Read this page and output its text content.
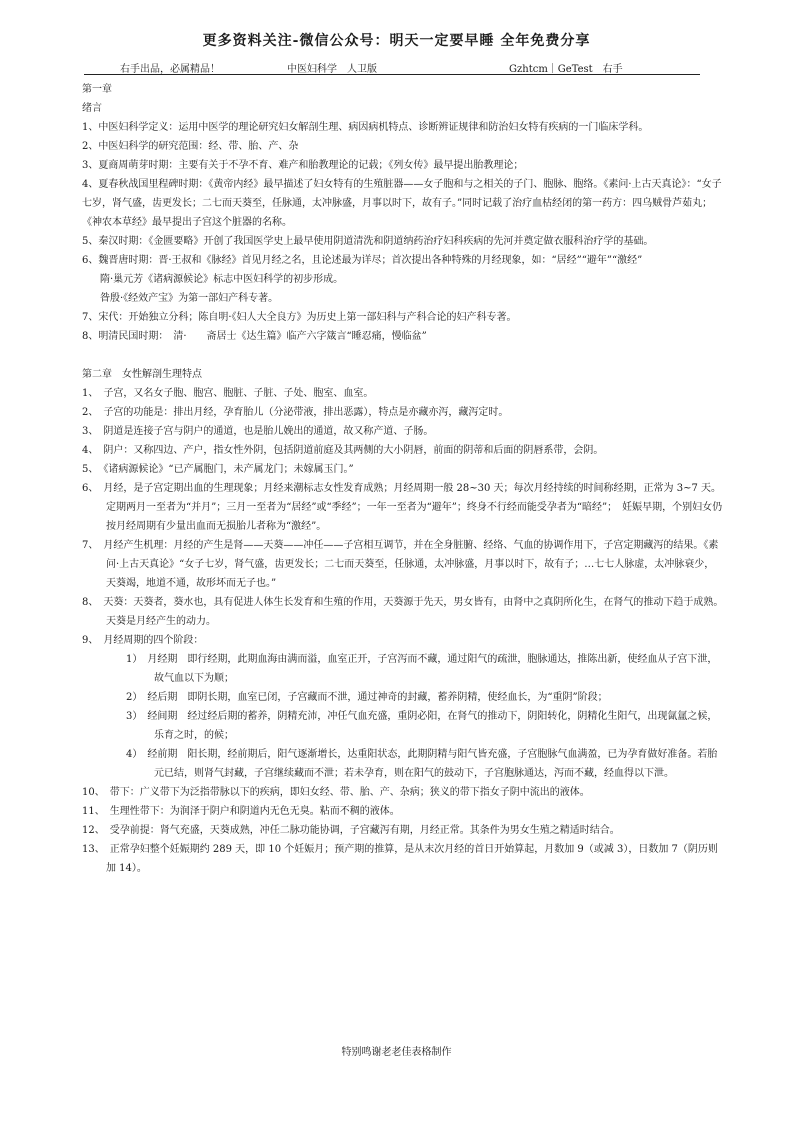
更多资料关注-微信公众号：明天一定要早睡 全年免费分享
右手出品，必属精品！	中医妇科学　人卫版	Gzhtcm｜GeTest　右手

第一章

绪言

1、中医妇科学定义：运用中医学的理论研究妇女解剖生理、病因病机特点、诊断辨证规律和防治妇女特有疾病的一门临床学科。

2、中医妇科学的研究范围：经、带、胎、产、杂

3、夏商周萌芽时期：主要有关于不孕不育、难产和胎教理论的记载；《列女传》最早提出胎教理论；

4、夏春秋战国里程碑时期：《黄帝内经》最早描述了妇女特有的生殖脏器——女子胞和与之相关的子门、胞脉、胞络。《素问·上古天真论》：“女子七岁，肾气盛，齿更发长；二七而天葵至，任脉通，太冲脉盛，月事以时下，故有子。”同时记载了治疗血枯经闭的第一药方：四乌贼骨芦茹丸；《神农本草经》最早提出子宫这个脏器的名称。

5、秦汉时期：《金匮要略》开创了我国医学史上最早使用阴道清洗和阴道纳药治疗妇科疾病的先河并奠定做衣服科治疗学的基础。

6、魏晋唐时期：晋·王叔和《脉经》首见月经之名，且论述最为详尽；首次提出各种特殊的月经现象，如：“居经”“避年”“激经”

隋·巢元芳《诸病源候论》标志中医妇科学的初步形成。

昝殷·《经效产宝》为第一部妇产科专著。

7、宋代：开始独立分科；陈自明·《妇人大全良方》为历史上第一部妇科与产科合论的妇产科专著。

8、明清民国时期：　清·　　斋居士《达生篇》临产六字箴言“睡忍痛，慢临盆”

第二章　女性解剖生理特点

1、　子宫，又名女子胞、胞宫、胞脏、子脏、子处、胞室、血室。

2、　子宫的功能是：排出月经，孕育胎儿（分泌带液，排出恶露），特点是亦藏亦泻，藏泻定时。

3、　阴道是连接子宫与阴户的通道，也是胎儿娩出的通道，故又称产道、子肠。

4、　阴户：又称四边、产户，指女性外阴，包括阴道前庭及其两侧的大小阴唇，前面的阴蒂和后面的阴唇系带，会阴。

5、　《诸病源候论》“已产属胞门，未产属龙门；未嫁属玉门。”

6、　月经，是子宫定期出血的生理现象；月经来潮标志女性发育成熟；月经周期一般 28~30 天；每次月经持续的时间称经期，正常为 3~7 天。定期两月一至者为“并月”；三月一至者为“居经”或“季经”；一年一至者为“避年”；终身不行经而能受孕者为“暗经”；　妊娠早期，个别妇女仍按月经周期有少量出血而无损胎儿者称为“激经”。

7、　月经产生机理：月经的产生是肾——天葵——冲任——子宫相互调节，并在全身脏腑、经络、气血的协调作用下，子宫定期藏泻的结果。《素问·上古天真论》“女子七岁，肾气盛，齿更发长；二七而天葵至，任脉通，太冲脉盛，月事以时下，故有子；…七七人脉虚，太冲脉衰少，天葵竭，地道不通，故形坏而无子也。”

8、　天葵：天葵者，葵水也，具有促进人体生长发育和生殖的作用，天葵源于先天，男女皆有，由肾中之真阴所化生，在肾气的推动下趋于成熟。天葵是月经产生的动力。

9、　月经周期的四个阶段：

1）　月经期　即行经期，此期血海由满而溢，血室正开，子宫泻而不藏，通过阳气的疏泄，胞脉通达，推陈出新，使经血从子宫下泄，故气血以下为顺；

2）　经后期　即阴长期，血室已闭，子宫藏而不泄，通过神奇的封藏，蓄养阴精，使经血长，为“重阴”阶段；

3）　经间期　经过经后期的蓄养，阴精充沛，冲任气血充盛，重阴必阳，在肾气的推动下，阴阳转化，阴精化生阳气，出现氤氲之候，乐育之时，的候；

4）　经前期　阳长期，经前期后，阳气逐渐增长，达重阳状态，此期阴精与阳气皆充盛，子宫胞脉气血满盈，已为孕育做好准备。若胎元已结，则肾气封藏，子宫继续藏而不泄；若未孕育，则在阳气的鼓动下，子宫胞脉通达，泻而不藏，经血得以下泄。

10、　带下：广义带下为泛指带脉以下的疾病，即妇女经、带、胎、产、杂病；狭义的带下指女子阴中流出的液体。

11、　生理性带下：为润泽于阴户和阴道内无色无臭。粘而不稠的液体。

12、　受孕前提：肾气充盛，天葵成熟，冲任二脉功能协调，子宫藏泻有期，月经正常。其条件为男女生殖之精适时结合。

13、　正常孕妇整个妊娠期约 289 天，即 10 个妊娠月；预产期的推算，是从末次月经的首日开始算起，月数加 9（或减 3），日数加 7（阴历则加 14）。

特别鸣谢老老佳表格制作
